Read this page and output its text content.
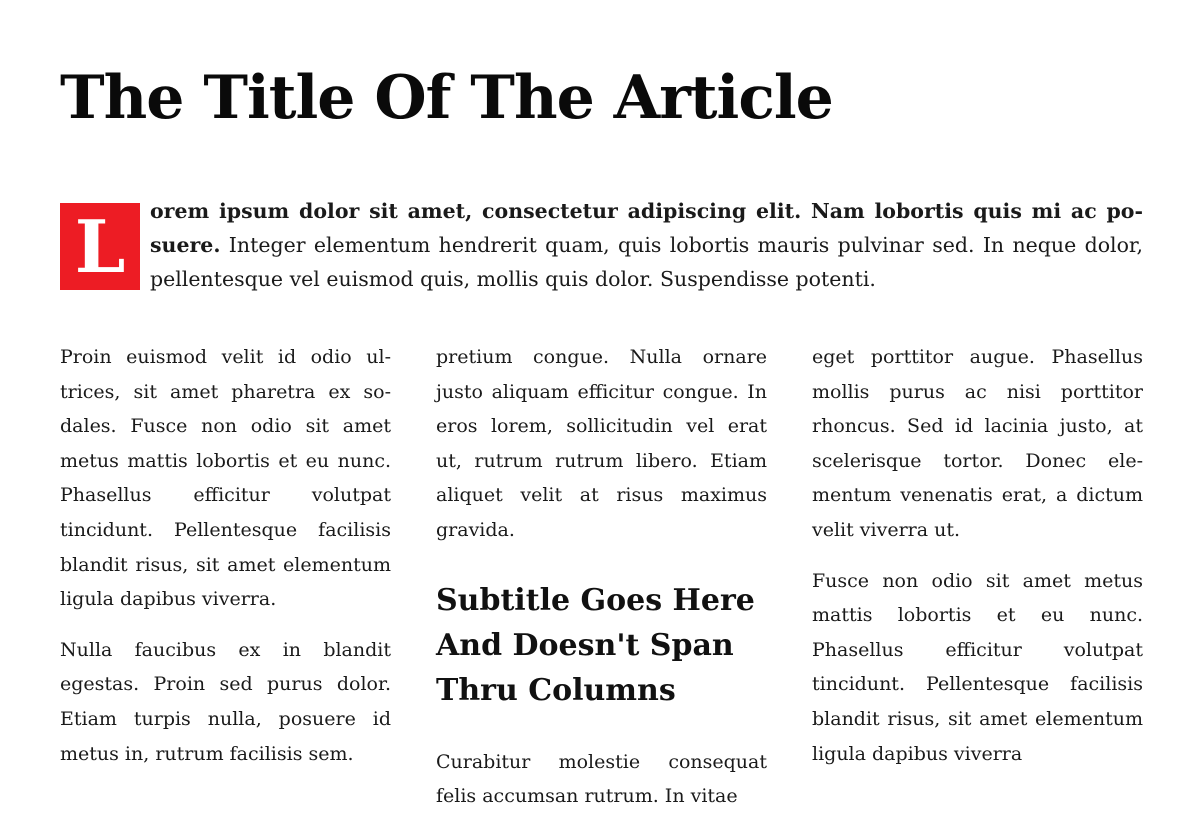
The Title Of The Article

L	orem ipsum dolor sit amet, consectetur adipiscing elit. Nam lobortis quis mi ac posuere. Integer elementum hendrerit quam, quis lobortis mauris pulvinar sed. In neque dolor, pellentesque vel euismod quis, mollis quis dolor. Suspendisse potenti.

Proin euismod velit id odio ultrices, sit amet pharetra ex sodales. Fusce non odio sit amet metus mattis lobortis et eu nunc. Phasellus efficitur volutpat tincidunt. Pellentesque facilisis blandit risus, sit amet elementum ligula dapibus viverra.

Nulla faucibus ex in blandit egestas. Proin sed purus dolor. Etiam turpis nulla, posuere id metus in, rutrum facilisis sem.

pretium congue. Nulla ornare justo aliquam efficitur congue. In eros lorem, sollicitudin vel erat ut, rutrum rutrum libero. Etiam aliquet velit at risus maximus gravida.

Subtitle Goes Here And Doesn't Span Thru Columns

Curabitur molestie consequat felis accumsan rutrum. In vitae

eget porttitor augue. Phasellus mollis purus ac nisi porttitor rhoncus. Sed id lacinia justo, at scelerisque tortor. Donec elementum venenatis erat, a dictum velit viverra ut.

Fusce non odio sit amet metus mattis lobortis et eu nunc. Phasellus efficitur volutpat tincidunt. Pellentesque facilisis blandit risus, sit amet elementum ligula dapibus viverra
